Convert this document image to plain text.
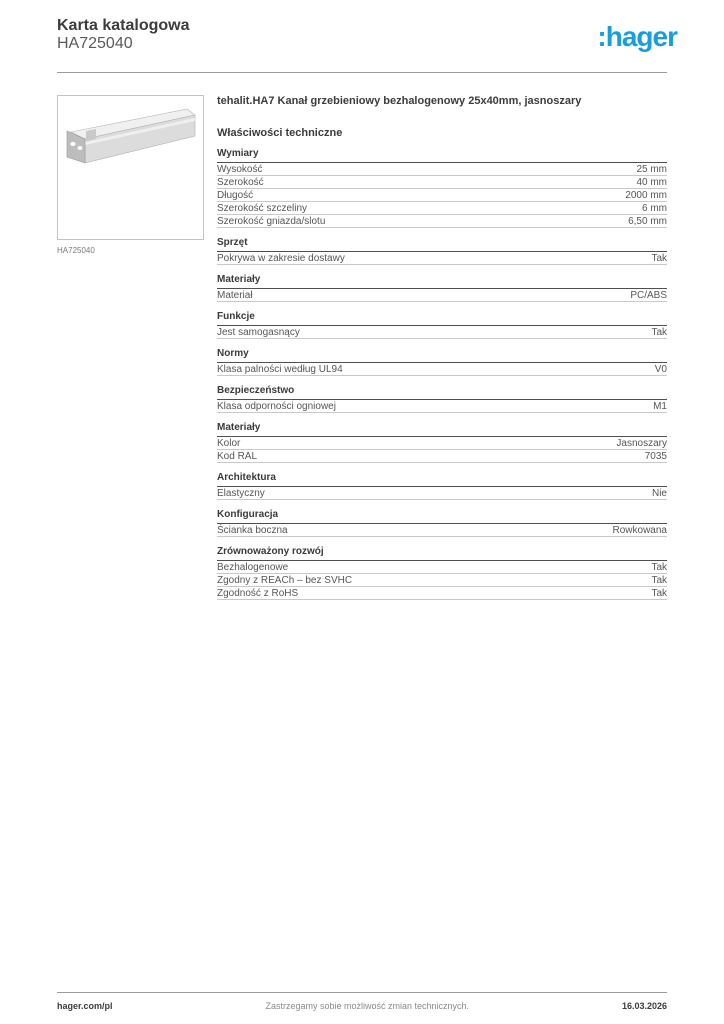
Karta katalogowa
HA725040	:hager
HA725040
tehalit.HA7 Kanał grzebieniowy bezhalogenowy 25x40mm, jasnoszary
Właściwości techniczne
Wymiary
Wysokość	25 mm
Szerokość	40 mm
Długość	2000 mm
Szerokość szczeliny	6 mm
Szerokość gniazda/slotu	6,50 mm
Sprzęt
Pokrywa w zakresie dostawy	Tak
Materiały
Materiał	PC/ABS
Funkcje
Jest samogasnący	Tak
Normy
Klasa palności według UL94	V0
Bezpieczeństwo
Klasa odporności ogniowej	M1
Materiały
Kolor	Jasnoszary
Kod RAL	7035
Architektura
Elastyczny	Nie
Konfiguracja
Ścianka boczna	Rowkowana
Zrównoważony rozwój
Bezhalogenowe	Tak
Zgodny z REACh – bez SVHC	Tak
Zgodność z RoHS	Tak
hager.com/pl	Zastrzegamy sobie możliwość zmian technicznych.	16.03.2026
